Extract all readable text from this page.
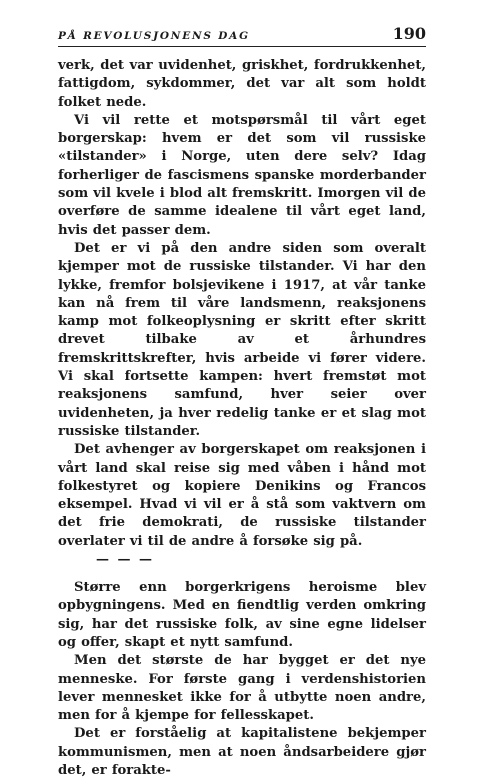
PÅ REVOLUSJONENS DAG	190

verk, det var uvidenhet, griskhet, fordrukkenhet, fattigdom, sykdommer, det var alt som holdt folket nede.

Vi vil rette et motspørsmål til vårt eget borgerskap: hvem er det som vil russiske «tilstander» i Norge, uten dere selv? Idag forherliger de fascismens spanske morderbander som vil kvele i blod alt fremskritt. Imorgen vil de overføre de samme idealene til vårt eget land, hvis det passer dem.

Det er vi på den andre siden som overalt kjemper mot de russiske tilstander. Vi har den lykke, fremfor bolsjevikene i 1917, at vår tanke kan nå frem til våre landsmenn, reaksjonens kamp mot folkeoplysning er skritt efter skritt drevet tilbake av et århundres fremskrittskrefter, hvis arbeide vi fører videre. Vi skal fortsette kampen: hvert fremstøt mot reaksjonens samfund, hver seier over uvidenheten, ja hver redelig tanke er et slag mot russiske tilstander.

Det avhenger av borgerskapet om reaksjonen i vårt land skal reise sig med våben i hånd mot folkestyret og kopiere Denikins og Francos eksempel. Hvad vi vil er å stå som vaktvern om det frie demokrati, de russiske tilstander overlater vi til de andre å forsøke sig på.

— — —

Større enn borgerkrigens heroisme blev opbygningens. Med en fiendtlig verden omkring sig, har det russiske folk, av sine egne lidelser og offer, skapt et nytt samfund.

Men det største de har bygget er det nye menneske. For første gang i verdenshistorien lever mennesket ikke for å utbytte noen andre, men for å kjempe for fellesskapet.

Det er forståelig at kapitalistene bekjemper kommunismen, men at noen åndsarbeidere gjør det, er forakte-
